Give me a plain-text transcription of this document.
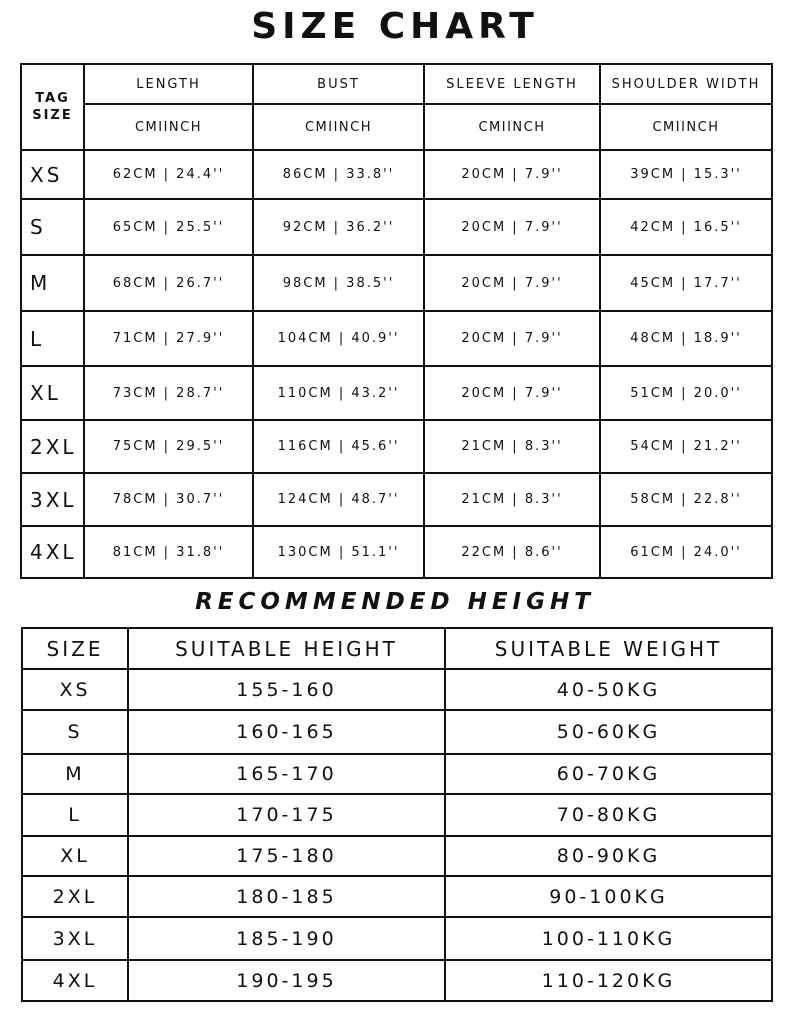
SIZE CHART
TAG
SIZE	LENGTH	BUST	SLEEVE LENGTH	SHOULDER WIDTH
	CMIINCH	CMIINCH	CMIINCH	CMIINCH
XS	62CM | 24.4''	86CM | 33.8''	20CM | 7.9''	39CM | 15.3''
S	65CM | 25.5''	92CM | 36.2''	20CM | 7.9''	42CM | 16.5''
M	68CM | 26.7''	98CM | 38.5''	20CM | 7.9''	45CM | 17.7''
L	71CM | 27.9''	104CM | 40.9''	20CM | 7.9''	48CM | 18.9''
XL	73CM | 28.7''	110CM | 43.2''	20CM | 7.9''	51CM | 20.0''
2XL	75CM | 29.5''	116CM | 45.6''	21CM | 8.3''	54CM | 21.2''
3XL	78CM | 30.7''	124CM | 48.7''	21CM | 8.3''	58CM | 22.8''
4XL	81CM | 31.8''	130CM | 51.1''	22CM | 8.6''	61CM | 24.0''
RECOMMENDED HEIGHT
SIZE	SUITABLE HEIGHT	SUITABLE WEIGHT
XS	155-160	40-50KG
S	160-165	50-60KG
M	165-170	60-70KG
L	170-175	70-80KG
XL	175-180	80-90KG
2XL	180-185	90-100KG
3XL	185-190	100-110KG
4XL	190-195	110-120KG
